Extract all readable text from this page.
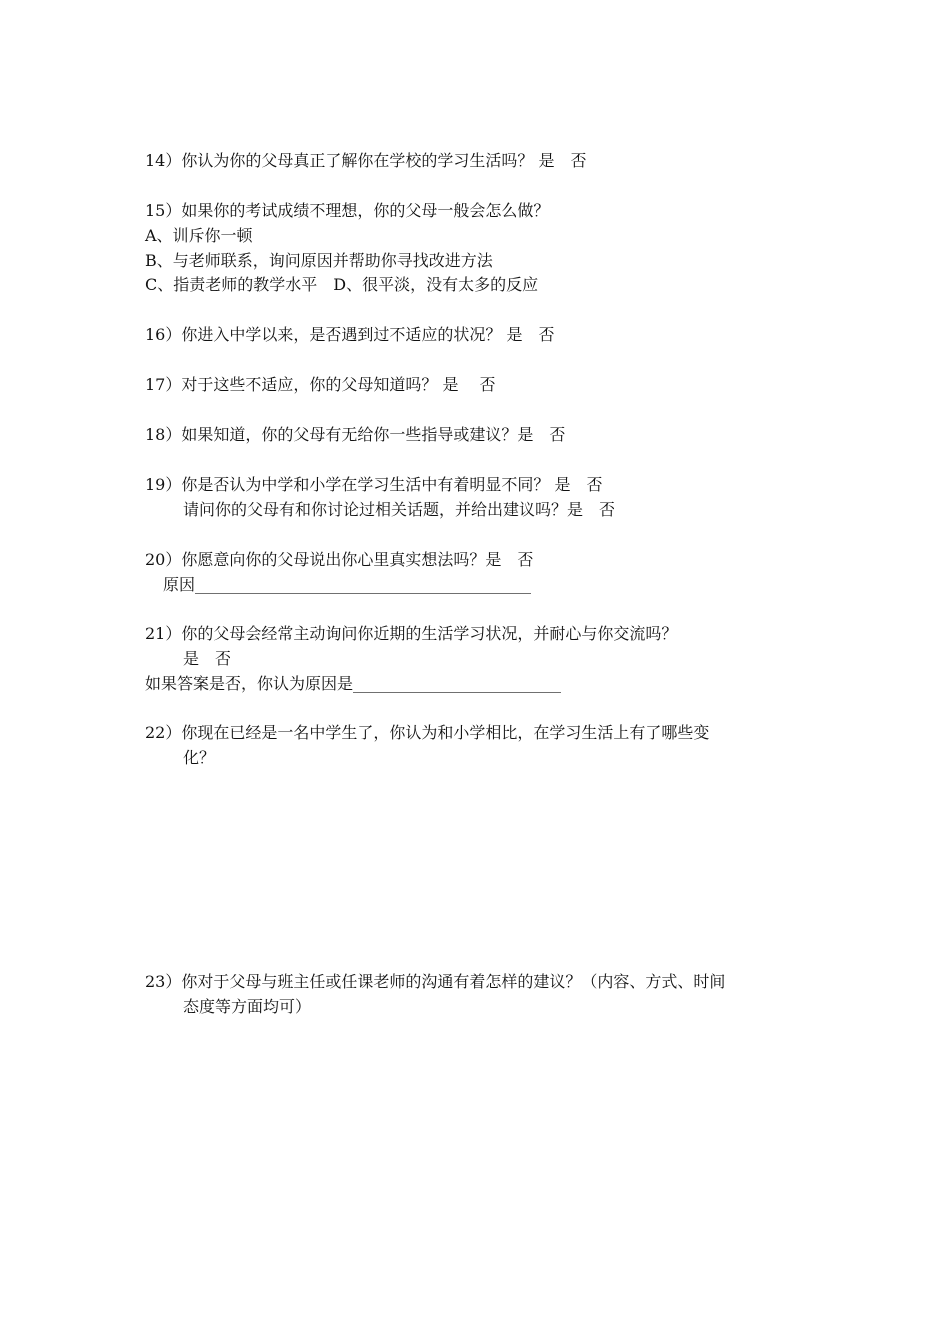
14）你认为你的父母真正了解你在学校的学习生活吗？ 是　否
15）如果你的考试成绩不理想，你的父母一般会怎么做？
A、训斥你一顿
B、与老师联系，询问原因并帮助你寻找改进方法
C、指责老师的教学水平　D、很平淡，没有太多的反应
16）你进入中学以来，是否遇到过不适应的状况？ 是　否
17）对于这些不适应，你的父母知道吗？ 是　 否
18）如果知道，你的父母有无给你一些指导或建议？是　否
19）你是否认为中学和小学在学习生活中有着明显不同？ 是　否
请问你的父母有和你讨论过相关话题，并给出建议吗？是　否
20）你愿意向你的父母说出你心里真实想法吗？是　否
原因__________________________________________
21）你的父母会经常主动询问你近期的生活学习状况，并耐心与你交流吗？
是　否
如果答案是否，你认为原因是__________________________
22）你现在已经是一名中学生了，你认为和小学相比，在学习生活上有了哪些变
化？
23）你对于父母与班主任或任课老师的沟通有着怎样的建议？（内容、方式、时间
态度等方面均可）
